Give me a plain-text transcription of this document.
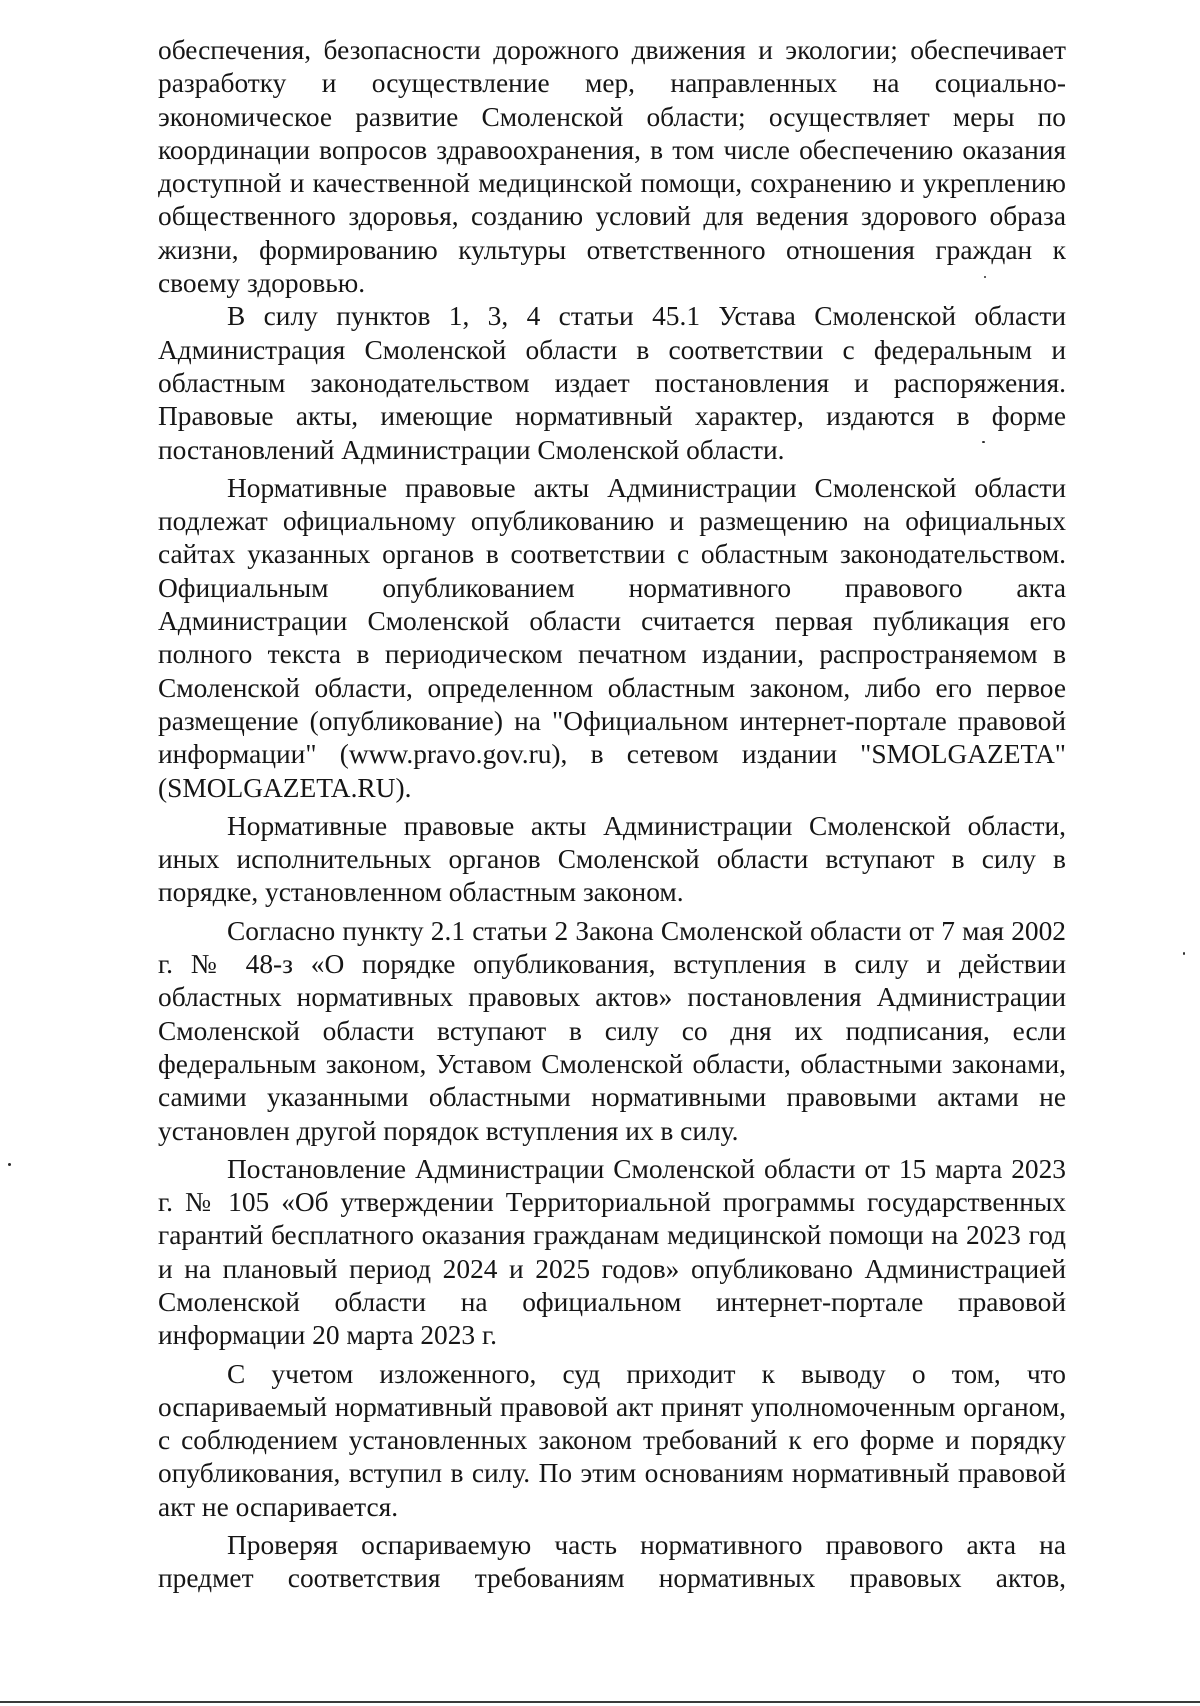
обеспечения, безопасности дорожного движения и экологии; обеспечивает разработку и осуществление мер, направленных на социально-экономическое развитие Смоленской области; осуществляет меры по координации вопросов здравоохранения, в том числе обеспечению оказания доступной и качественной медицинской помощи, сохранению и укреплению общественного здоровья, созданию условий для ведения здорового образа жизни, формированию культуры ответственного отношения граждан к своему здоровью.

В силу пунктов 1, 3, 4 статьи 45.1 Устава Смоленской области Администрация Смоленской области в соответствии с федеральным и областным законодательством издает постановления и распоряжения. Правовые акты, имеющие нормативный характер, издаются в форме постановлений Администрации Смоленской области.

Нормативные правовые акты Администрации Смоленской области подлежат официальному опубликованию и размещению на официальных сайтах указанных органов в соответствии с областным законодательством. Официальным опубликованием нормативного правового акта Администрации Смоленской области считается первая публикация его полного текста в периодическом печатном издании, распространяемом в Смоленской области, определенном областным законом, либо его первое размещение (опубликование) на "Официальном интернет-портале правовой информации" (www.pravo.gov.ru), в сетевом издании "SMOLGAZETA" (SMOLGAZETA.RU).

Нормативные правовые акты Администрации Смоленской области, иных исполнительных органов Смоленской области вступают в силу в порядке, установленном областным законом.

Согласно пункту 2.1 статьи 2 Закона Смоленской области от 7 мая 2002 г. № 48-з «О порядке опубликования, вступления в силу и действии областных нормативных правовых актов» постановления Администрации Смоленской области вступают в силу со дня их подписания, если федеральным законом, Уставом Смоленской области, областными законами, самими указанными областными нормативными правовыми актами не установлен другой порядок вступления их в силу.

Постановление Администрации Смоленской области от 15 марта 2023 г. № 105 «Об утверждении Территориальной программы государственных гарантий бесплатного оказания гражданам медицинской помощи на 2023 год и на плановый период 2024 и 2025 годов» опубликовано Администрацией Смоленской области на официальном интернет-портале правовой информации 20 марта 2023 г.

С учетом изложенного, суд приходит к выводу о том, что оспариваемый нормативный правовой акт принят уполномоченным органом, с соблюдением установленных законом требований к его форме и порядку опубликования, вступил в силу. По этим основаниям нормативный правовой акт не оспаривается.

Проверяя оспариваемую часть нормативного правового акта на предмет соответствия требованиям нормативных правовых актов,
